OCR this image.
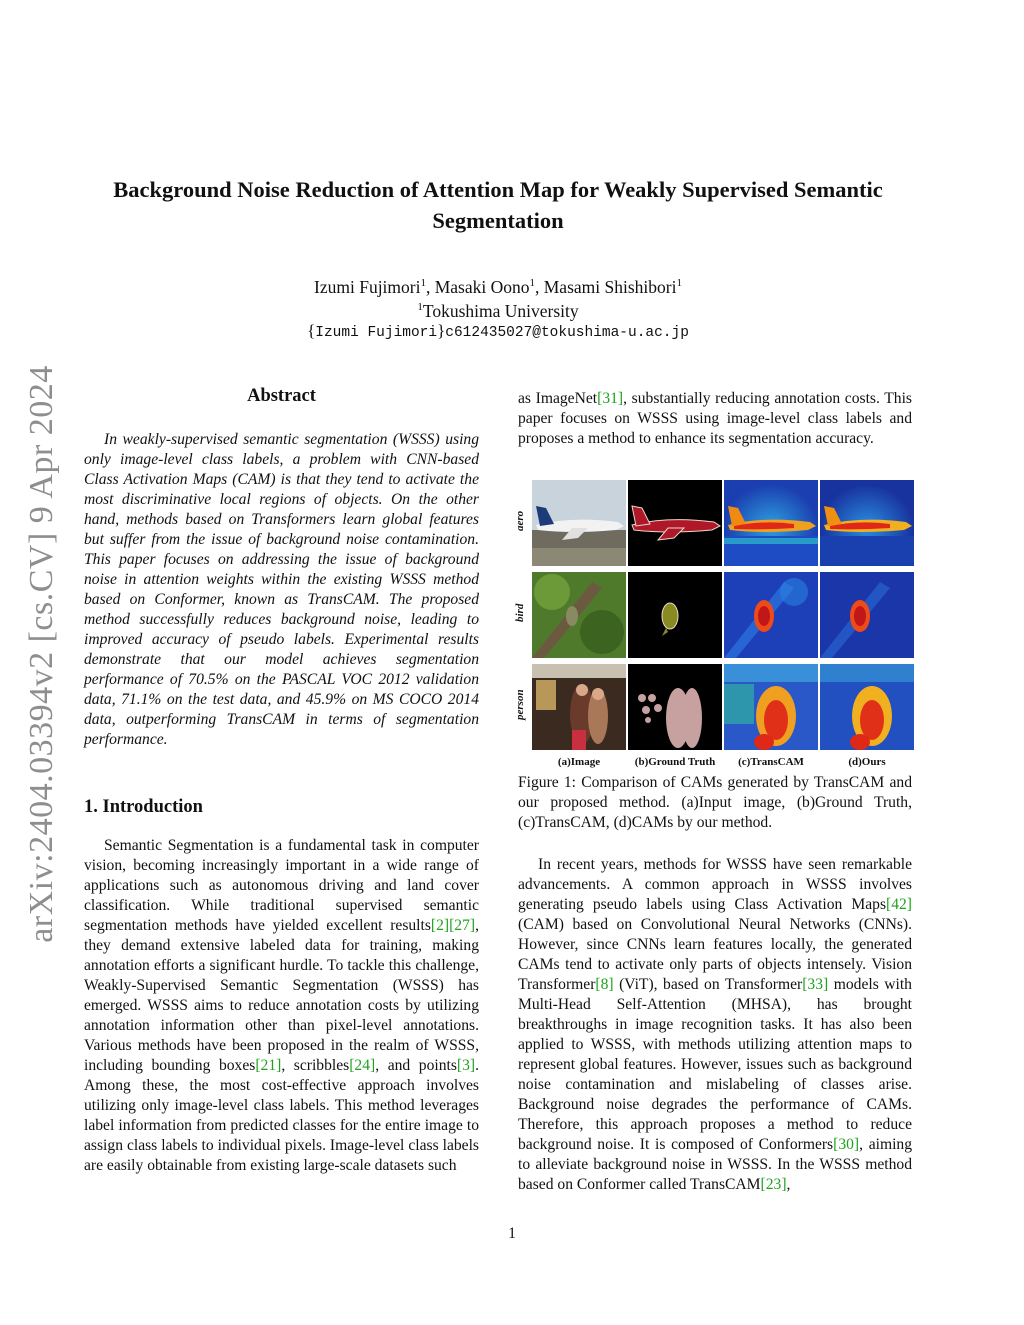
arXiv:2404.03394v2 [cs.CV] 9 Apr 2024
Background Noise Reduction of Attention Map for Weakly Supervised Semantic Segmentation
Izumi Fujimori$^1$, Masaki Oono$^1$, Masami Shishibori$^1$
$^1$Tokushima University
{Izumi Fujimori}c612435027@tokushima-u.ac.jp
Abstract
In weakly-supervised semantic segmentation (WSSS) using only image-level class labels, a problem with CNN-based Class Activation Maps (CAM) is that they tend to activate the most discriminative local regions of objects. On the other hand, methods based on Transformers learn global features but suffer from the issue of background noise contamination. This paper focuses on addressing the issue of background noise in attention weights within the existing WSSS method based on Conformer, known as TransCAM. The proposed method successfully reduces background noise, leading to improved accuracy of pseudo labels. Experimental results demonstrate that our model achieves segmentation performance of 70.5% on the PASCAL VOC 2012 validation data, 71.1% on the test data, and 45.9% on MS COCO 2014 data, outperforming TransCAM in terms of segmentation performance.
1. Introduction
Semantic Segmentation is a fundamental task in computer vision, becoming increasingly important in a wide range of applications such as autonomous driving and land cover classification. While traditional supervised semantic segmentation methods have yielded excellent results[2][27], they demand extensive labeled data for training, making annotation efforts a significant hurdle. To tackle this challenge, Weakly-Supervised Semantic Segmentation (WSSS) has emerged. WSSS aims to reduce annotation costs by utilizing annotation information other than pixel-level annotations. Various methods have been proposed in the realm of WSSS, including bounding boxes[21], scribbles[24], and points[3]. Among these, the most cost-effective approach involves utilizing only image-level class labels. This method leverages label information from predicted classes for the entire image to assign class labels to individual pixels. Image-level class labels are easily obtainable from existing large-scale datasets such
as ImageNet[31], substantially reducing annotation costs. This paper focuses on WSSS using image-level class labels and proposes a method to enhance its segmentation accuracy.
aero
bird
person
(a)Image	(b)Ground Truth	(c)TransCAM	(d)Ours
Figure 1: Comparison of CAMs generated by TransCAM and our proposed method. (a)Input image, (b)Ground Truth, (c)TransCAM, (d)CAMs by our method.
In recent years, methods for WSSS have seen remarkable advancements. A common approach in WSSS involves generating pseudo labels using Class Activation Maps[42] (CAM) based on Convolutional Neural Networks (CNNs). However, since CNNs learn features locally, the generated CAMs tend to activate only parts of objects intensely. Vision Transformer[8] (ViT), based on Transformer[33] models with Multi-Head Self-Attention (MHSA), has brought breakthroughs in image recognition tasks. It has also been applied to WSSS, with methods utilizing attention maps to represent global features. However, issues such as background noise contamination and mislabeling of classes arise. Background noise degrades the performance of CAMs. Therefore, this approach proposes a method to reduce background noise. It is composed of Conformers[30], aiming to alleviate background noise in WSSS. In the WSSS method based on Conformer called TransCAM[23],
1
